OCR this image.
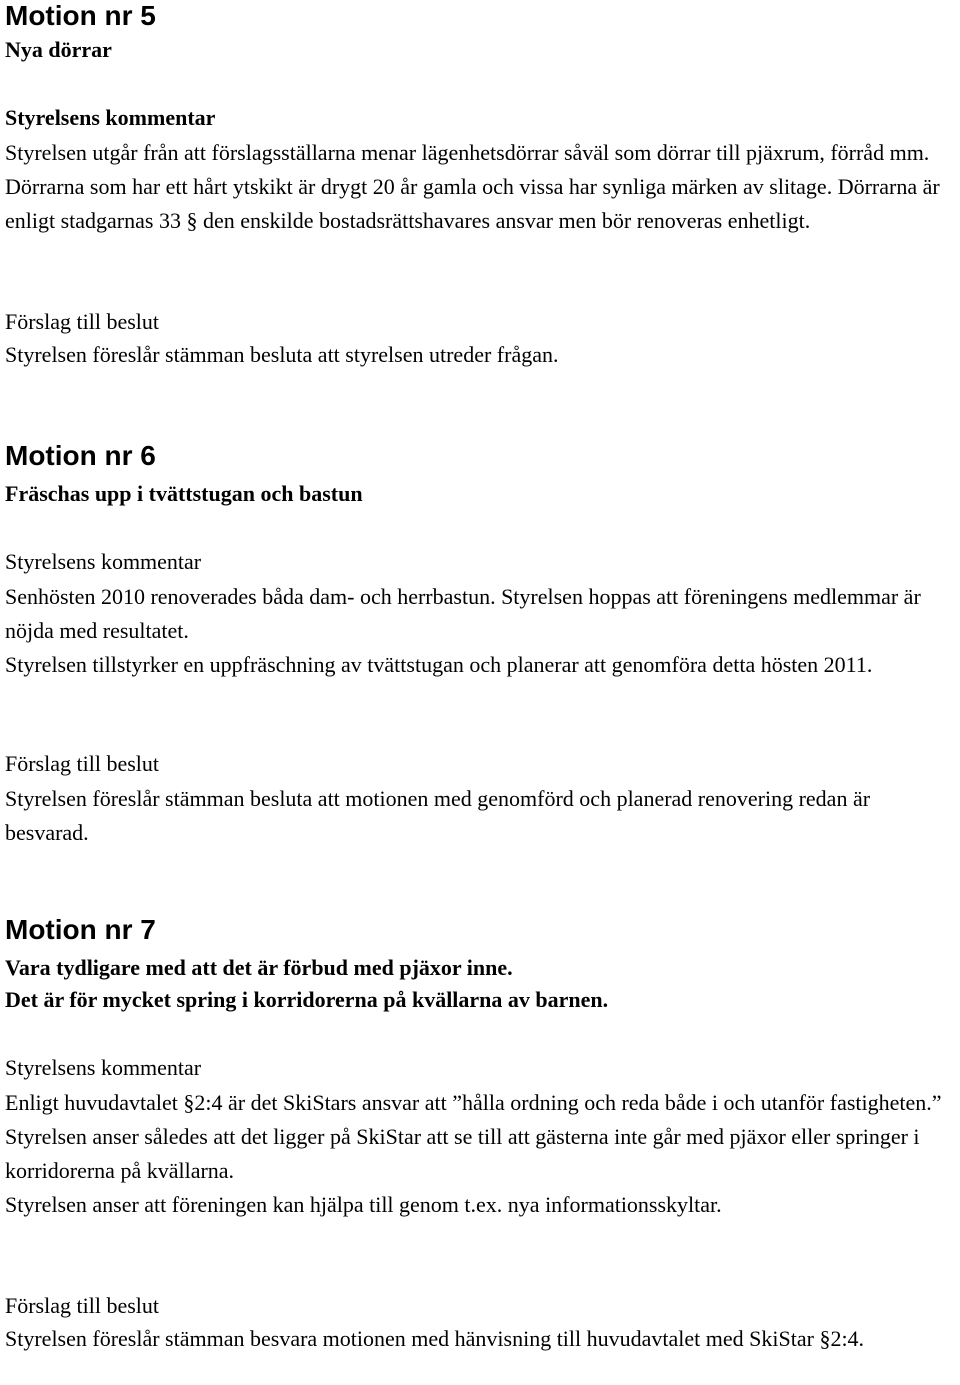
Motion nr 5
Nya dörrar
Styrelsens kommentar
Styrelsen utgår från att förslagsställarna menar lägenhetsdörrar såväl som dörrar till pjäxrum, förråd mm. Dörrarna som har ett hårt ytskikt är drygt 20 år gamla och vissa har synliga märken av slitage. Dörrarna är enligt stadgarnas 33 § den enskilde bostadsrättshavares ansvar men bör renoveras enhetligt.
Förslag till beslut
Styrelsen föreslår stämman besluta att styrelsen utreder frågan.
Motion nr 6
Fräschas upp i tvättstugan och bastun
Styrelsens kommentar
Senhösten 2010 renoverades båda dam- och herrbastun. Styrelsen hoppas att föreningens medlemmar är nöjda med resultatet.
Styrelsen tillstyrker en uppfräschning av tvättstugan och planerar att genomföra detta hösten 2011.
Förslag till beslut
Styrelsen föreslår stämman besluta att motionen med genomförd och planerad renovering redan är besvarad.
Motion nr 7
Vara tydligare med att det är förbud med pjäxor inne.
Det är för mycket spring i korridorerna på kvällarna av barnen.
Styrelsens kommentar
Enligt huvudavtalet §2:4 är det SkiStars ansvar att ”hålla ordning och reda både i och utanför fastigheten.”
Styrelsen anser således att det ligger på SkiStar att se till att gästerna inte går med pjäxor eller springer i korridorerna på kvällarna.
Styrelsen anser att föreningen kan hjälpa till genom t.ex. nya informationsskyltar.
Förslag till beslut
Styrelsen föreslår stämman besvara motionen med hänvisning till huvudavtalet med SkiStar §2:4.
